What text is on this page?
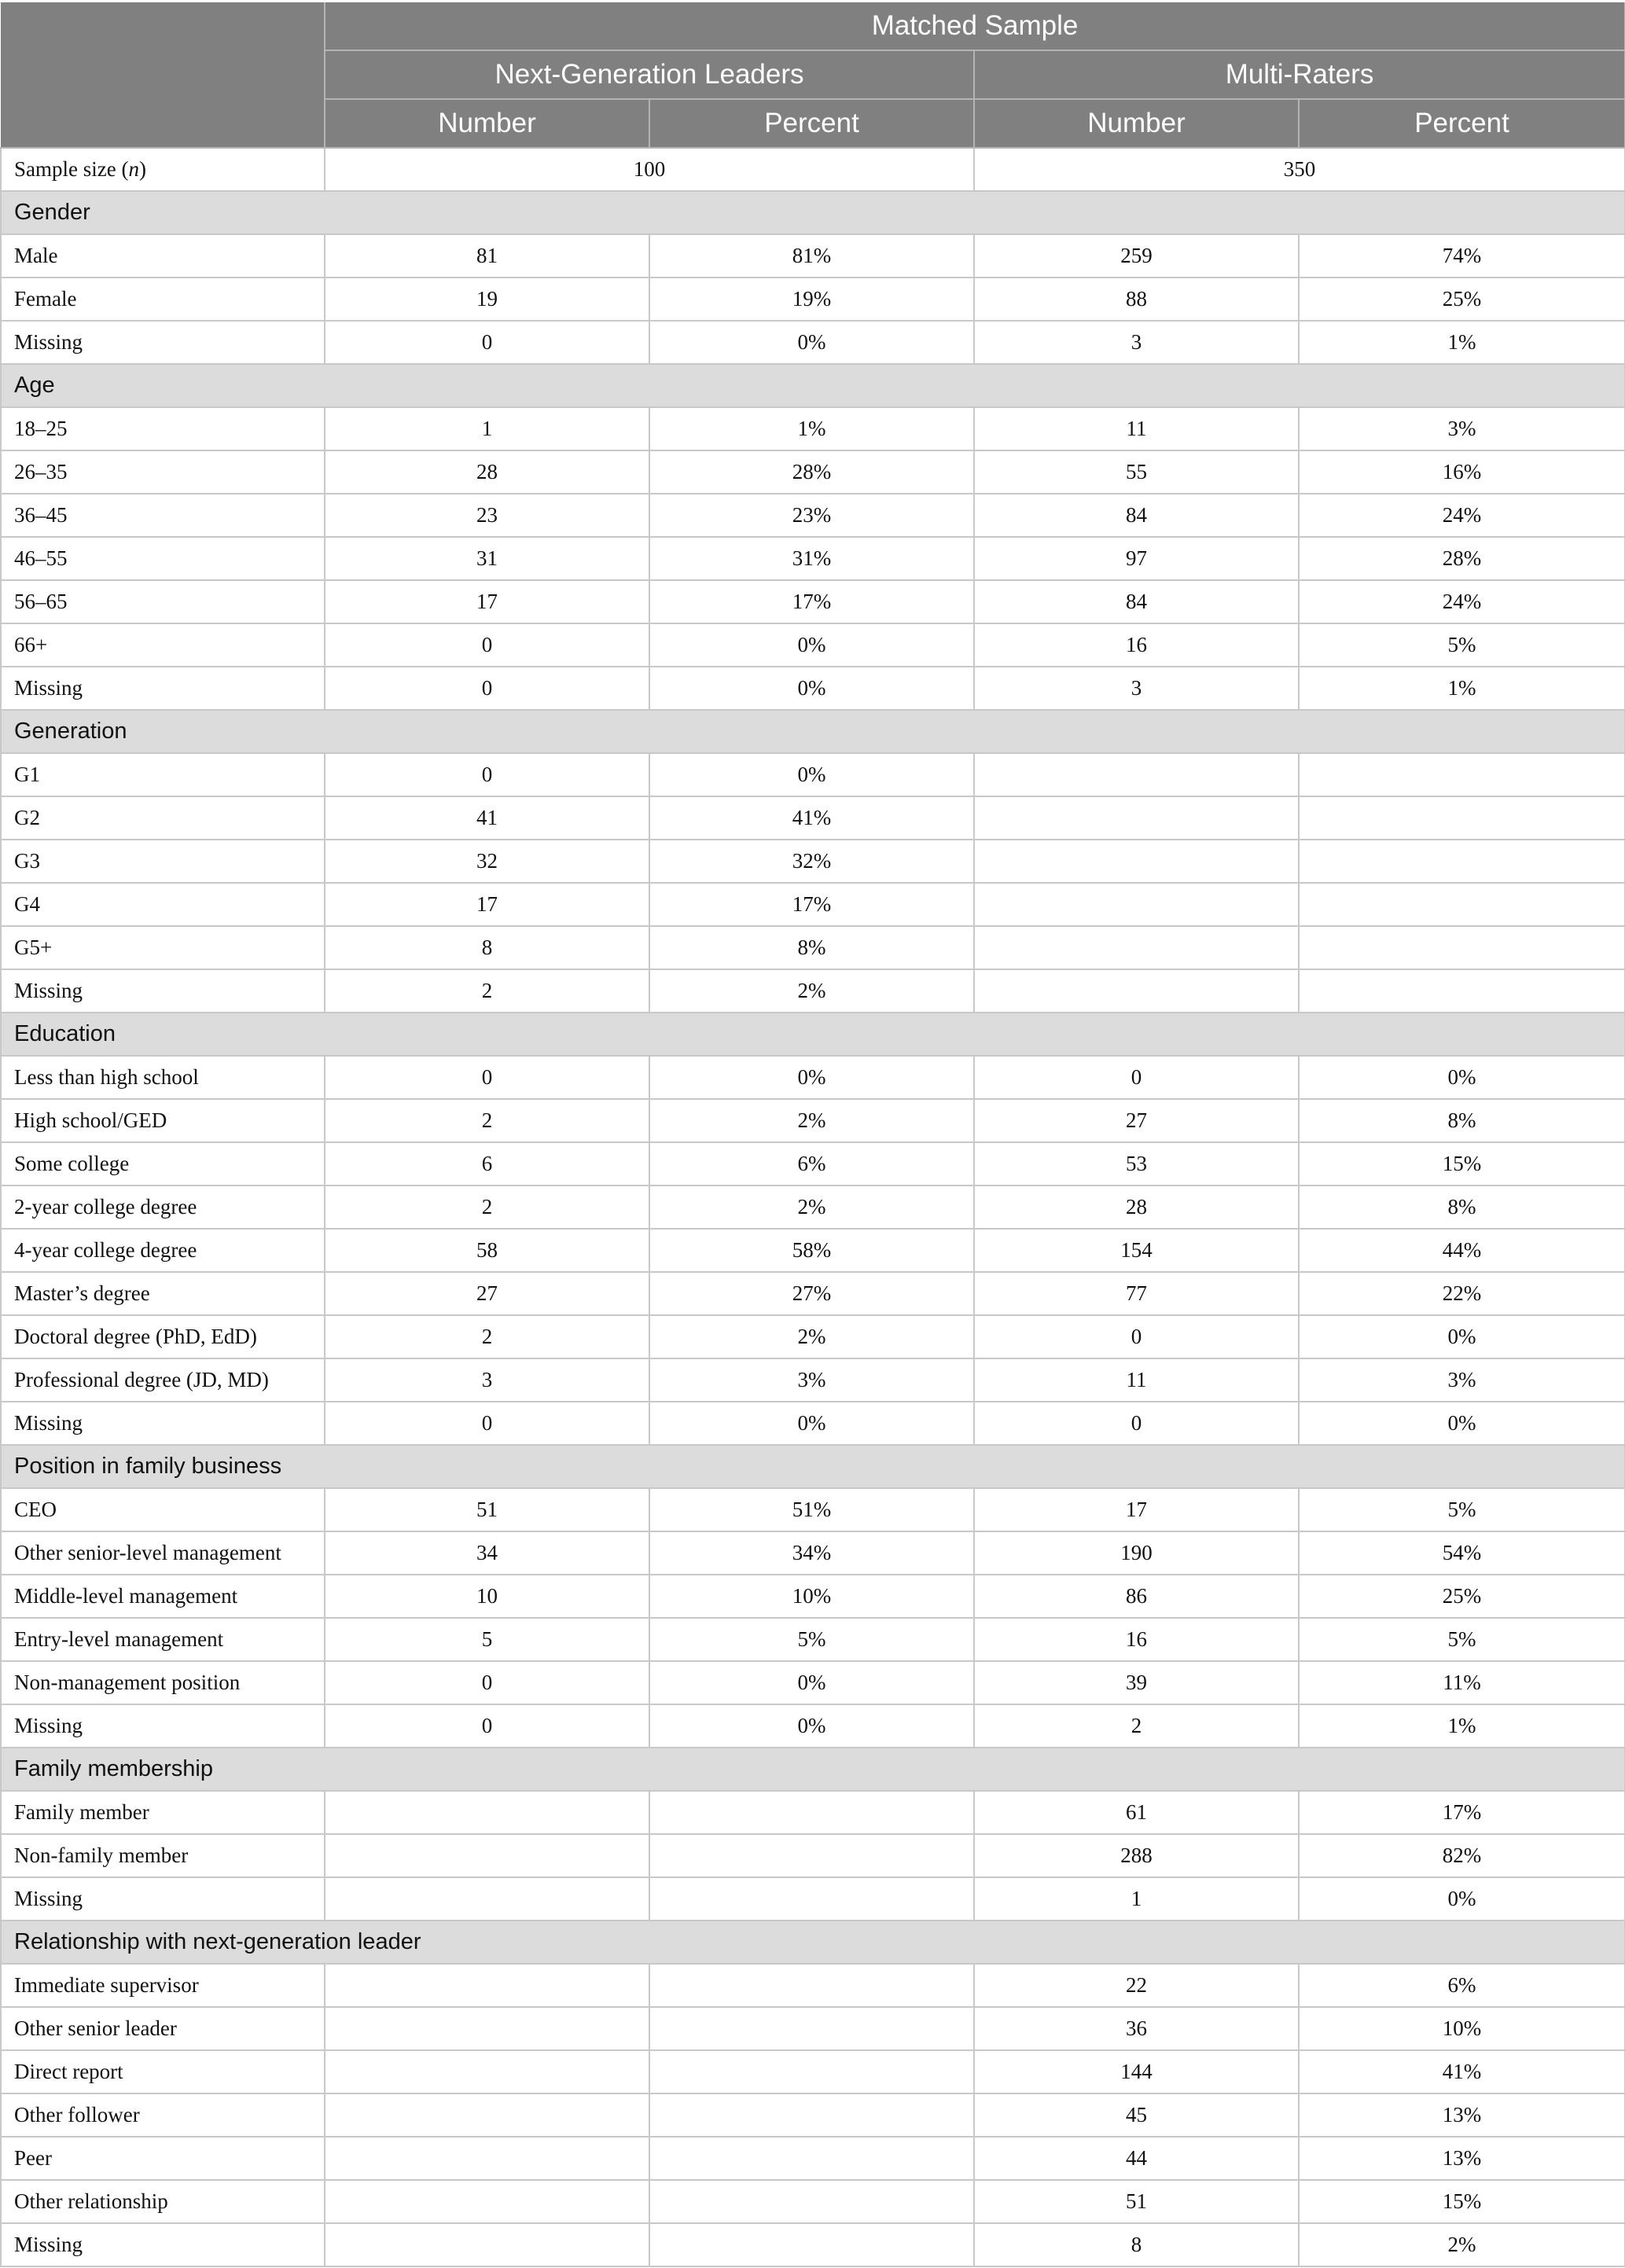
	Matched Sample			
	Next-Generation Leaders		Multi-Raters	
	Number	Percent	Number	Percent
Sample size (n)	100		350	
Gender				
Male	81	81%	259	74%
Female	19	19%	88	25%
Missing	0	0%	3	1%
Age				
18–25	1	1%	11	3%
26–35	28	28%	55	16%
36–45	23	23%	84	24%
46–55	31	31%	97	28%
56–65	17	17%	84	24%
66+	0	0%	16	5%
Missing	0	0%	3	1%
Generation				
G1	0	0%		
G2	41	41%		
G3	32	32%		
G4	17	17%		
G5+	8	8%		
Missing	2	2%		
Education				
Less than high school	0	0%	0	0%
High school/GED	2	2%	27	8%
Some college	6	6%	53	15%
2-year college degree	2	2%	28	8%
4-year college degree	58	58%	154	44%
Master’s degree	27	27%	77	22%
Doctoral degree (PhD, EdD)	2	2%	0	0%
Professional degree (JD, MD)	3	3%	11	3%
Missing	0	0%	0	0%
Position in family business				
CEO	51	51%	17	5%
Other senior-level management	34	34%	190	54%
Middle-level management	10	10%	86	25%
Entry-level management	5	5%	16	5%
Non-management position	0	0%	39	11%
Missing	0	0%	2	1%
Family membership				
Family member			61	17%
Non-family member			288	82%
Missing			1	0%
Relationship with next-generation leader				
Immediate supervisor			22	6%
Other senior leader			36	10%
Direct report			144	41%
Other follower			45	13%
Peer			44	13%
Other relationship			51	15%
Missing			8	2%
